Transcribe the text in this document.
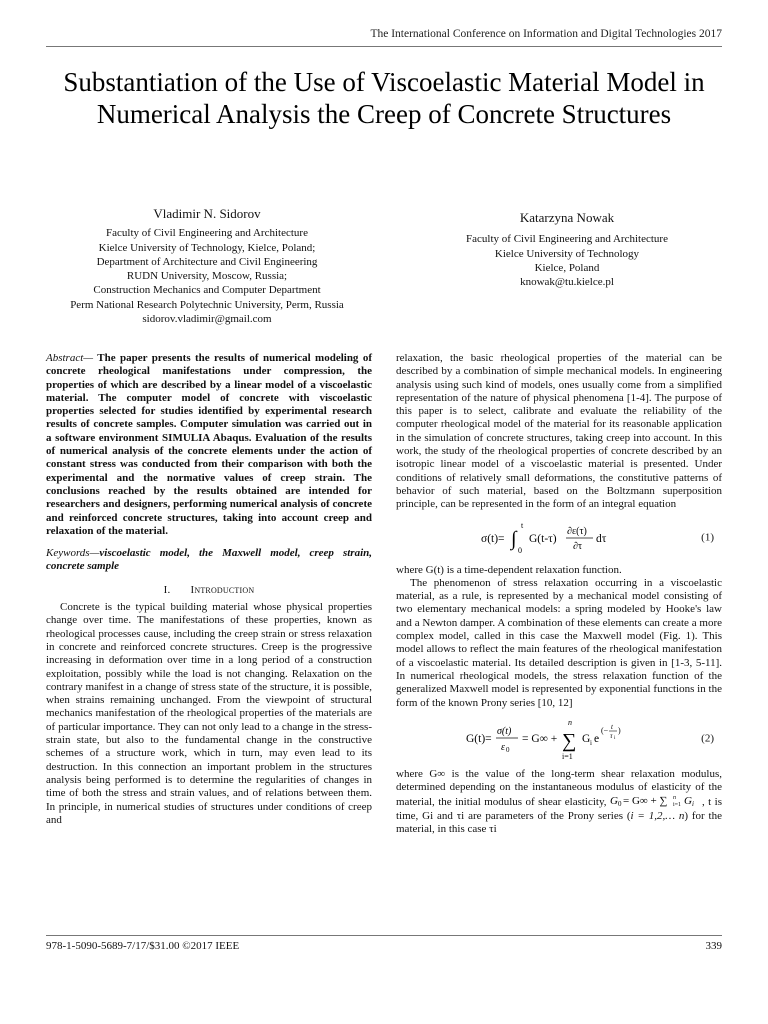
The International Conference on Information and Digital Technologies 2017
Substantiation of the Use of Viscoelastic Material Model in Numerical Analysis the Creep of Concrete Structures
Vladimir N. Sidorov
Faculty of Civil Engineering and Architecture
Kielce University of Technology, Kielce, Poland;
Department of Architecture and Civil Engineering
RUDN University, Moscow, Russia;
Construction Mechanics and Computer Department
Perm National Research Polytechnic University, Perm, Russia
sidorov.vladimir@gmail.com
Katarzyna Nowak
Faculty of Civil Engineering and Architecture
Kielce University of Technology
Kielce, Poland
knowak@tu.kielce.pl

Abstract— The paper presents the results of numerical modeling of concrete rheological manifestations under compression, the properties of which are described by a linear model of a viscoelastic material. The computer model of concrete with viscoelastic properties selected for studies identified by experimental research results of concrete samples. Computer simulation was carried out in a software environment SIMULIA Abaqus. Evaluation of the results of numerical analysis of the concrete elements under the action of constant stress was conducted from their comparison with both the experimental and the normative values of creep strain. The conclusions reached by the results obtained are intended for researchers and designers, performing numerical analysis of concrete and reinforced concrete structures, taking into account creep and relaxation of the material.

Keywords—viscoelastic model, the Maxwell model, creep strain, concrete sample

I. Introduction

Concrete is the typical building material whose physical properties change over time. The manifestations of these properties, known as rheological processes cause, including the creep strain or stress relaxation in concrete and reinforced concrete structures. Creep is the progressive increasing in deformation over time in a long period of a construction exploitation, possibly while the load is not changing. Relaxation on the contrary manifest in a change of stress state of the structure, it is possible, when strains remaining unchanged. From the viewpoint of structural mechanics manifestation of the rheological properties of the materials are of particular importance. They can not only lead to a change in the stress-strain state, but also to the fundamental change in the constructive schemes of a structure work, which in turn, may even lead to its destruction. In this connection an important problem in the structures analysis being performed is to determine the regularities of changes in time of both the stress and strain values, and of relations between them. In principle, in numerical studies of structures under conditions of creep and

relaxation, the basic rheological properties of the material can be described by a combination of simple mechanical models. In engineering analysis using such kind of models, ones usually come from a simplified representation of the nature of physical phenomena [1-4]. The purpose of this paper is to select, calibrate and evaluate the reliability of the computer rheological model of the material for its reasonable application in the simulation of concrete structures, taking creep into account. In this work, the study of the rheological properties of concrete described by an isotropic linear model of a viscoelastic material is presented. Under conditions of relatively small deformations, the constitutive patterns of behavior of such material, based on the Boltzmann superposition principle, can be represented in the form of an integral equation

σ(t)= ∫
t
0
G(t-τ)
∂ε(τ)
∂τ
dτ	(1)

where G(t) is a time-dependent relaxation function.

The phenomenon of stress relaxation occurring in a viscoelastic material, as a rule, is represented by a mechanical model consisting of two elementary mechanical models: a spring modeled by Hooke's law and a Newton damper. A combination of these elements can create a more complex model, called in this case the Maxwell model (Fig. 1). This model allows to reflect the main features of the rheological manifestation of a viscoelastic material. Its detailed description is given in [1-3, 5-11]. In numerical rheological models, the stress relaxation function of the generalized Maxwell model is represented by exponential functions in the form of the known Prony series [10, 12]

G(t)=
σ(t)
ε 0
= G∞ +
n
∑
i=1
G i e
(− t
τ i
)
(2)

where G∞ is the value of the long-term shear relaxation modulus, determined depending on the instantaneous modulus of elasticity of the material, the initial modulus of shear elasticity, G 0 = G∞ + ∑ n
i=1 G i , t is time, Gi and τi are parameters of the Prony series (i = 1,2,… n) for the material, in this case τi

978-1-5090-5689-7/17/$31.00 ©2017 IEEE	339
